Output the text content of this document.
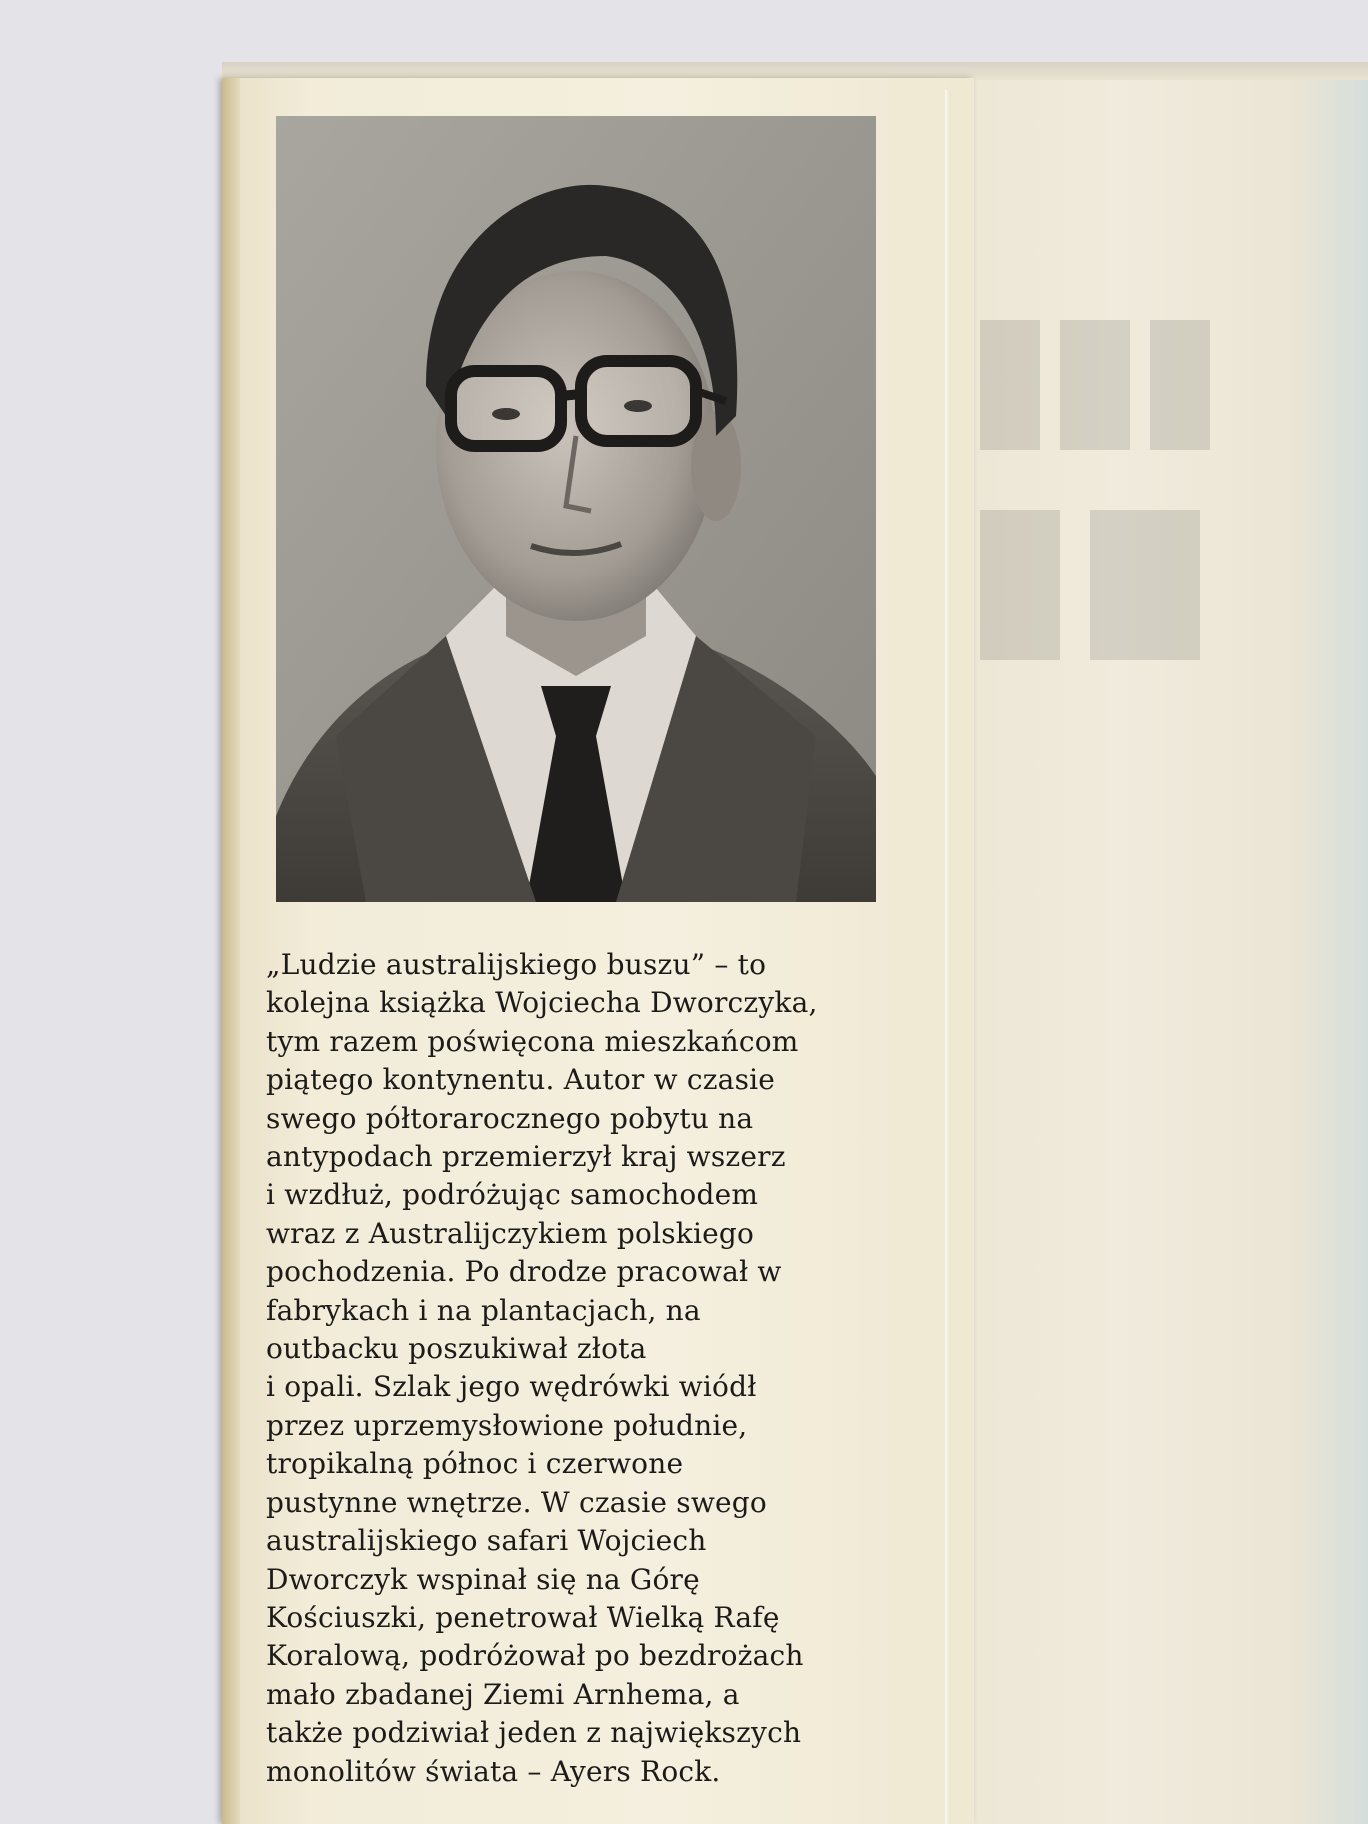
„Ludzie australijskiego buszu” – to
kolejna książka Wojciecha Dworczyka,
tym razem poświęcona mieszkańcom
piątego kontynentu. Autor w czasie
swego półtorarocznego pobytu na
antypodach przemierzył kraj wszerz
i wzdłuż, podróżując samochodem
wraz z Australijczykiem polskiego
pochodzenia. Po drodze pracował w
fabrykach i na plantacjach, na
outbacku poszukiwał złota
i opali. Szlak jego wędrówki wiódł
przez uprzemysłowione południe,
tropikalną północ i czerwone
pustynne wnętrze. W czasie swego
australijskiego safari Wojciech
Dworczyk wspinał się na Górę
Kościuszki, penetrował Wielką Rafę
Koralową, podróżował po bezdrożach
mało zbadanej Ziemi Arnhema, a
także podziwiał jeden z największych
monolitów świata – Ayers Rock.
